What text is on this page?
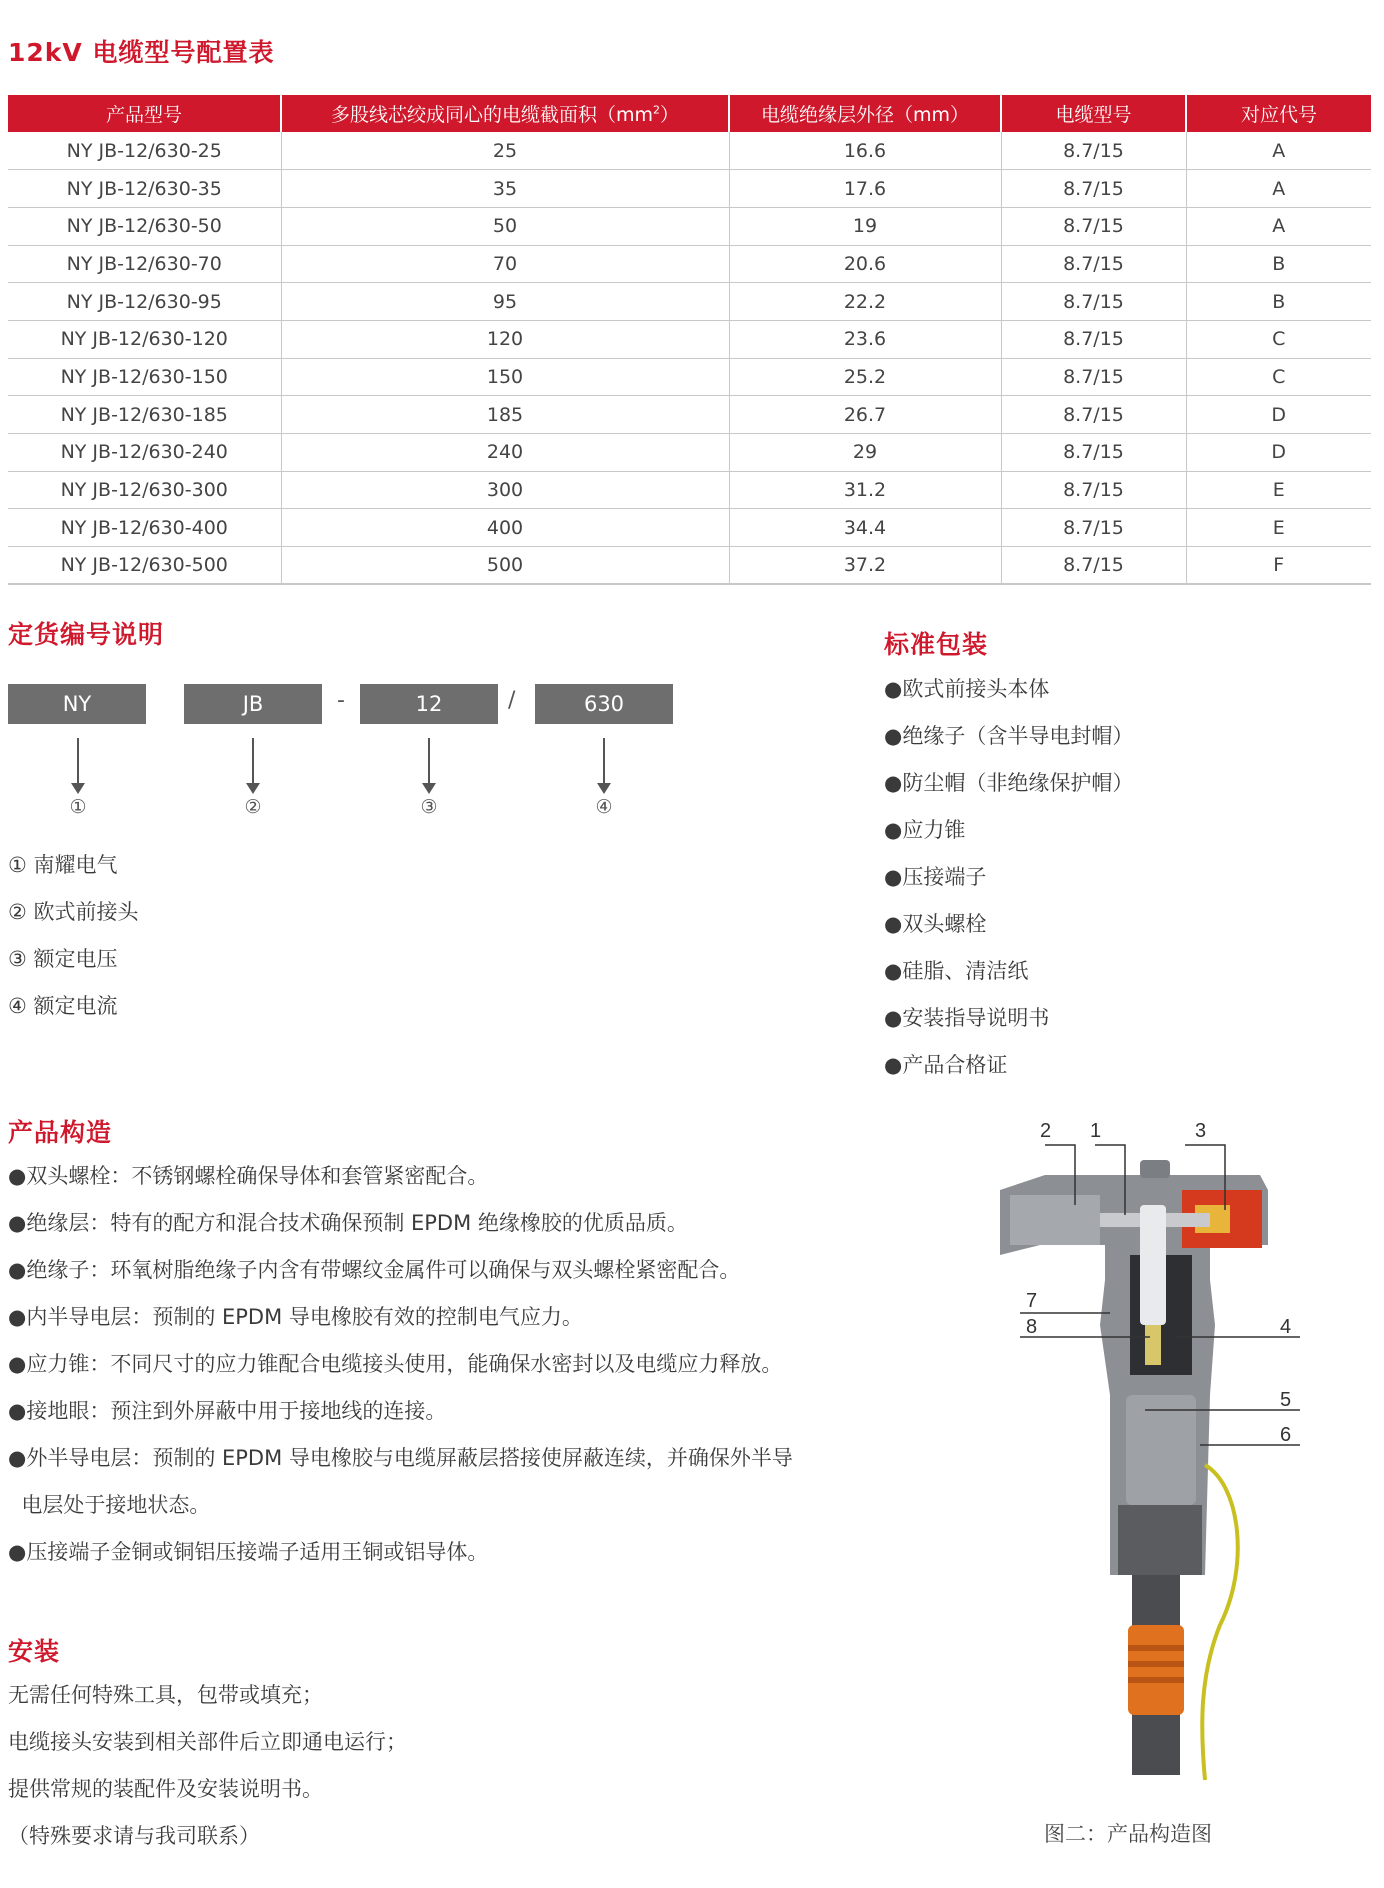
12kV 电缆型号配置表
产品型号	多股线芯绞成同心的电缆截面积$(mm^2)$	电缆绝缘层外径（mm）	电缆型号	对应代号
NY JB-12/630-25	25	16.6	8.7/15	A
NY JB-12/630-35	35	17.6	8.7/15	A
NY JB-12/630-50	50	19	8.7/15	A
NY JB-12/630-70	70	20.6	8.7/15	B
NY JB-12/630-95	95	22.2	8.7/15	B
NY JB-12/630-120	120	23.6	8.7/15	C
NY JB-12/630-150	150	25.2	8.7/15	C
NY JB-12/630-185	185	26.7	8.7/15	D
NY JB-12/630-240	240	29	8.7/15	D
NY JB-12/630-300	300	31.2	8.7/15	E
NY JB-12/630-400	400	34.4	8.7/15	E
NY JB-12/630-500	500	37.2	8.7/15	F
定货编号说明
NY	JB	-	12	/	630
①	②	③	④
① 南耀电气
② 欧式前接头
③ 额定电压
④ 额定电流
标准包装
●欧式前接头本体
●绝缘子（含半导电封帽）
●防尘帽（非绝缘保护帽）
●应力锥
●压接端子
●双头螺栓
●硅脂、清洁纸
●安装指导说明书
●产品合格证
产品构造
●双头螺栓：不锈钢螺栓确保导体和套管紧密配合。
●绝缘层：特有的配方和混合技术确保预制 EPDM 绝缘橡胶的优质品质。
●绝缘子：环氧树脂绝缘子内含有带螺纹金属件可以确保与双头螺栓紧密配合。
●内半导电层：预制的 EPDM 导电橡胶有效的控制电气应力。
●应力锥：不同尺寸的应力锥配合电缆接头使用，能确保水密封以及电缆应力释放。
●接地眼：预注到外屏蔽中用于接地线的连接。
●外半导电层：预制的 EPDM 导电橡胶与电缆屏蔽层搭接使屏蔽连续，并确保外半导
电层处于接地状态。
●压接端子金铜或铜铝压接端子适用王铜或铝导体。
安装
无需任何特殊工具，包带或填充；
电缆接头安装到相关部件后立即通电运行；
提供常规的装配件及安装说明书。
（特殊要求请与我司联系）
2 1	3
7
8	4
5
6
图二：产品构造图
